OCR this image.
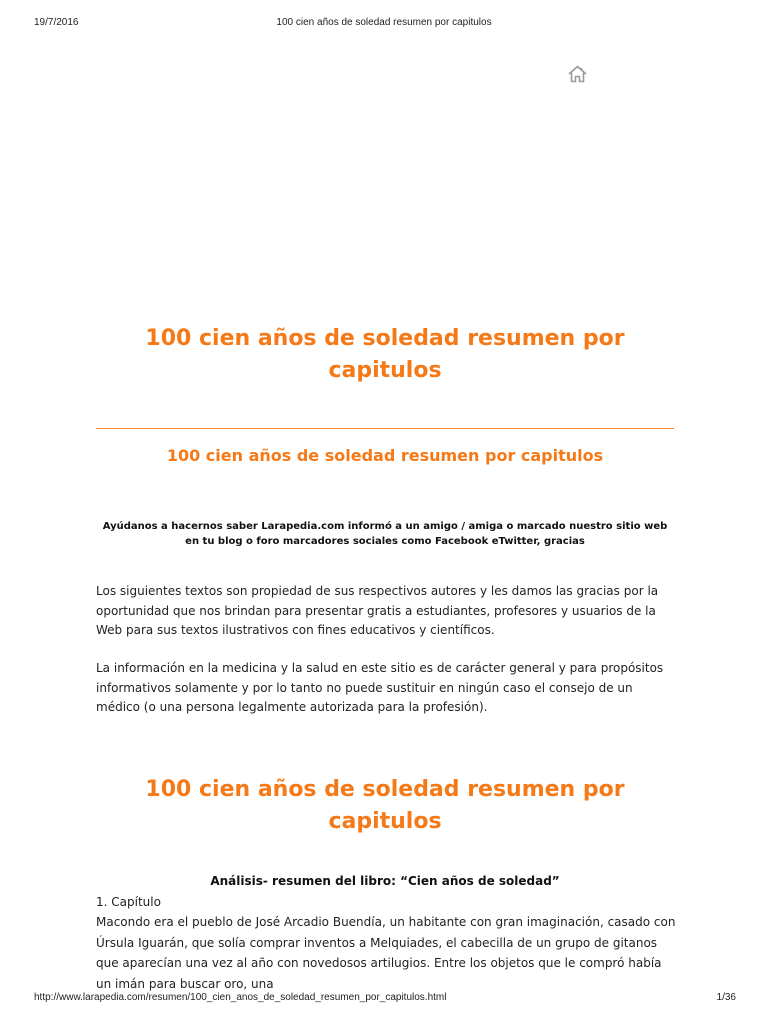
19/7/2016	100 cien años de soledad resumen por capitulos
100 cien años de soledad resumen por capitulos
100 cien años de soledad resumen por capitulos
Ayúdanos a hacernos saber Larapedia.com informó a un amigo / amiga o marcado nuestro sitio web en tu blog o foro marcadores sociales como Facebook eTwitter, gracias

Los siguientes textos son propiedad de sus respectivos autores y les damos las gracias por la oportunidad que nos brindan para presentar gratis a estudiantes, profesores y usuarios de la Web para sus textos ilustrativos con fines educativos y científicos.

La información en la medicina y la salud en este sitio es de carácter general y para propósitos informativos solamente y por lo tanto no puede sustituir en ningún caso el consejo de un médico (o una persona legalmente autorizada para la profesión).

100 cien años de soledad resumen por capitulos
Análisis- resumen del libro: “Cien años de soledad”
1. Capítulo

Macondo era el pueblo de José Arcadio Buendía, un habitante con gran imaginación, casado con Úrsula Iguarán, que solía comprar inventos a Melquiades, el cabecilla de un grupo de gitanos que aparecían una vez al año con novedosos artilugios. Entre los objetos que le compró había un imán para buscar oro, una

http://www.larapedia.com/resumen/100_cien_anos_de_soledad_resumen_por_capitulos.html	1/36
